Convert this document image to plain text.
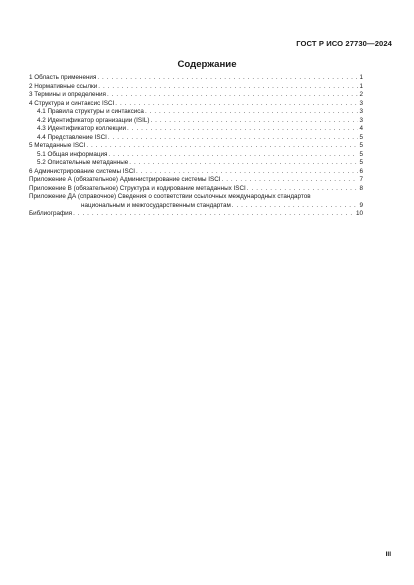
ГОСТ Р ИСО 27730—2024
Содержание
1 Область применения . . .	1
2 Нормативные ссылки . . .	1
3 Термины и определения . . .	2
4 Структура и синтаксис ISCI . . .	3
4.1 Правила структуры и синтаксиса . . .	3
4.2 Идентификатор организации (ISIL) . . .	3
4.3 Идентификатор коллекции . . .	4
4.4 Представление ISCI . . .	5
5 Метаданные ISCI . . .	5
5.1 Общая информация . . .	5
5.2 Описательные метаданные . . .	5
6 Администрирование системы ISCI . . .	6
Приложение А (обязательное) Администрирование системы ISCI . . .	7
Приложение В (обязательное) Структура и кодирование метаданных ISCI . . .	8
Приложение ДА (справочное) Сведения о соответствии ссылочных международных стандартов
национальным и межгосударственным стандартам . . .	9
Библиография . . .	10
III
